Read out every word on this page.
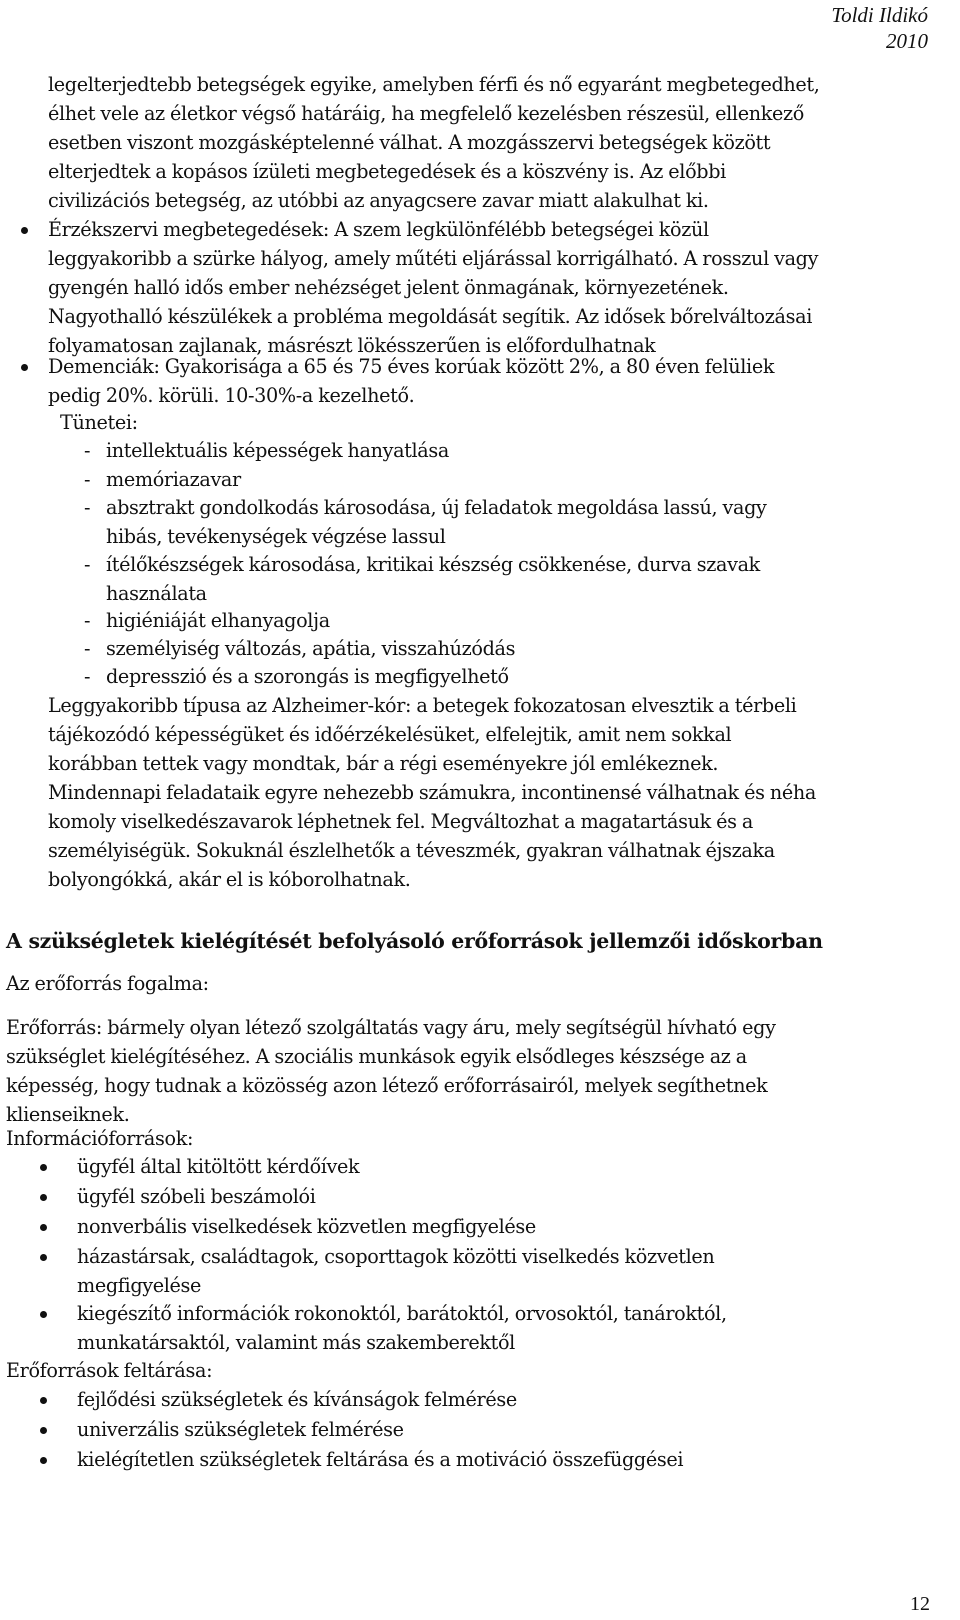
Toldi Ildikó
2010
legelterjedtebb betegségek egyike, amelyben férfi és nő egyaránt megbetegedhet,
élhet vele az életkor végső határáig, ha megfelelő kezelésben részesül, ellenkező
esetben viszont mozgásképtelenné válhat. A mozgásszervi betegségek között
elterjedtek a kopásos ízületi megbetegedések és a köszvény is. Az előbbi
civilizációs betegség, az utóbbi az anyagcsere zavar miatt alakulhat ki.
Érzékszervi megbetegedések: A szem legkülönfélébb betegségei közül
leggyakoribb a szürke hályog, amely műtéti eljárással korrigálható. A rosszul vagy
gyengén halló idős ember nehézséget jelent önmagának, környezetének.
Nagyothalló készülékek a probléma megoldását segítik. Az idősek bőrelváltozásai
folyamatosan zajlanak, másrészt lökésszerűen is előfordulhatnak
Demenciák: Gyakorisága a 65 és 75 éves korúak között 2%, a 80 éven felüliek
pedig 20%. körüli. 10-30%-a kezelhető.
Tünetei:
- intellektuális képességek hanyatlása
- memóriazavar
- absztrakt gondolkodás károsodása, új feladatok megoldása lassú, vagy
hibás, tevékenységek végzése lassul
- ítélőkészségek károsodása, kritikai készség csökkenése, durva szavak
használata
- higiéniáját elhanyagolja
- személyiség változás, apátia, visszahúzódás
- depresszió és a szorongás is megfigyelhető
Leggyakoribb típusa az Alzheimer-kór: a betegek fokozatosan elvesztik a térbeli
tájékozódó képességüket és időérzékelésüket, elfelejtik, amit nem sokkal
korábban tettek vagy mondtak, bár a régi eseményekre jól emlékeznek.
Mindennapi feladataik egyre nehezebb számukra, incontinensé válhatnak és néha
komoly viselkedészavarok léphetnek fel. Megváltozhat a magatartásuk és a
személyiségük. Sokuknál észlelhetők a téveszmék, gyakran válhatnak éjszaka
bolyongókká, akár el is kóborolhatnak.
A szükségletek kielégítését befolyásoló erőforrások jellemzői időskorban
Az erőforrás fogalma:
Erőforrás: bármely olyan létező szolgáltatás vagy áru, mely segítségül hívható egy
szükséglet kielégítéséhez. A szociális munkások egyik elsődleges készsége az a
képesség, hogy tudnak a közösség azon létező erőforrásairól, melyek segíthetnek
klienseiknek.
Információforrások:
ügyfél által kitöltött kérdőívek
ügyfél szóbeli beszámolói
nonverbális viselkedések közvetlen megfigyelése
házastársak, családtagok, csoporttagok közötti viselkedés közvetlen
megfigyelése
kiegészítő információk rokonoktól, barátoktól, orvosoktól, tanároktól,
munkatársaktól, valamint más szakemberektől
Erőforrások feltárása:
fejlődési szükségletek és kívánságok felmérése
univerzális szükségletek felmérése
kielégítetlen szükségletek feltárása és a motiváció összefüggései
12
